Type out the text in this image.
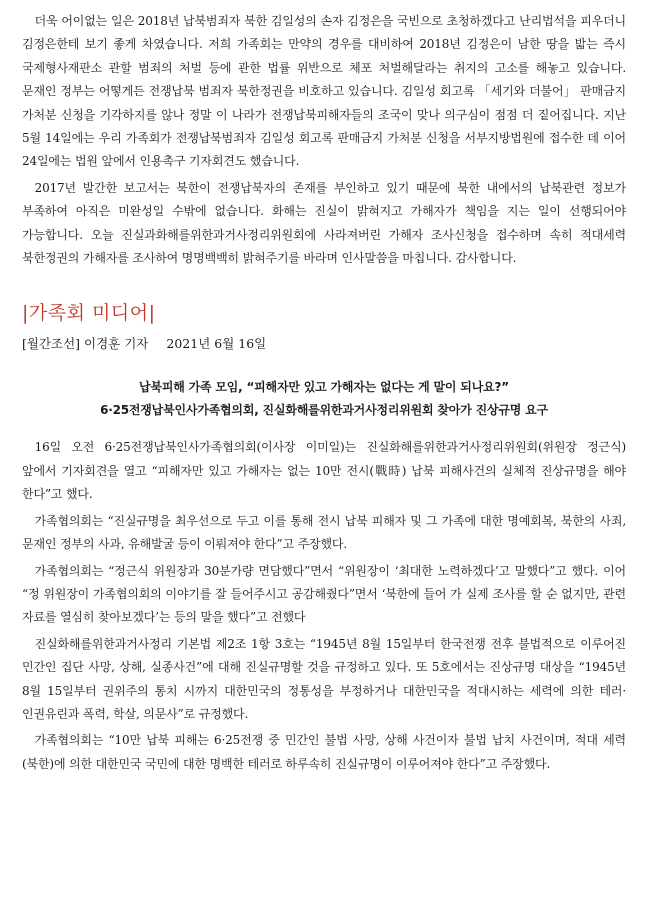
더욱 어이없는 일은 2018년 납북범죄자 북한 김일성의 손자 김정은을 국빈으로 초청하겠다고 난리법석을 피우더니 김정은한테 보기 좋게 차였습니다. 저희 가족회는 만약의 경우를 대비하여 2018년 김정은이 남한 땅을 밟는 즉시 국제형사재판소 관할 범죄의 처벌 등에 관한 법률 위반으로 체포 처벌해달라는 취지의 고소를 해놓고 있습니다. 문재인 정부는 어떻게든 전쟁납북 범죄자 북한정권을 비호하고 있습니다. 김일성 회고록 「세기와 더불어」 판매금지 가처분 신청을 기각하지를 않나 정말 이 나라가 전쟁납북피해자들의 조국이 맞나 의구심이 점점 더 짙어집니다. 지난 5월 14일에는 우리 가족회가 전쟁납북범죄자 김일성 회고록 판매금지 가처분 신청을 서부지방법원에 접수한 데 이어 24일에는 법원 앞에서 인용촉구 기자회견도 했습니다.

2017년 발간한 보고서는 북한이 전쟁납북자의 존재를 부인하고 있기 때문에 북한 내에서의 납북관련 정보가 부족하여 아직은 미완성일 수밖에 없습니다. 화해는 진실이 밝혀지고 가해자가 책임을 지는 일이 선행되어야 가능합니다. 오늘 진실과화해를위한과거사정리위원회에 사라져버린 가해자 조사신청을 접수하며 속히 적대세력 북한정권의 가해자를 조사하여 명명백백히 밝혀주기를 바라며 인사말씀을 마칩니다. 감사합니다.

|가족회 미디어|
[월간조선] 이경훈 기자 2021년 6월 16일
납북피해 가족 모임, “피해자만 있고 가해자는 없다는 게 말이 되나요?”
6·25전쟁납북인사가족협의회, 진실화해를위한과거사정리위원회 찾아가 진상규명 요구

16일 오전 6·25전쟁납북인사가족협의회(이사장 이미일)는 진실화해를위한과거사정리위원회(위원장 정근식) 앞에서 기자회견을 열고 “피해자만 있고 가해자는 없는 10만 전시(戰時) 납북 피해사건의 실체적 진상규명을 해야 한다”고 했다.

가족협의회는 “진실규명을 최우선으로 두고 이를 통해 전시 납북 피해자 및 그 가족에 대한 명예회복, 북한의 사죄, 문재인 정부의 사과, 유해발굴 등이 이뤄져야 한다”고 주장했다.

가족협의회는 “정근식 위원장과 30분가량 면담했다”면서 “위원장이 ‘최대한 노력하겠다’고 말했다”고 했다. 이어 “정 위원장이 가족협의회의 이야기를 잘 들어주시고 공감해줬다”면서 ‘북한에 들어 가 실제 조사를 할 순 없지만, 관련 자료를 열심히 찾아보겠다’는 등의 말을 했다”고 전했다

진실화해를위한과거사정리 기본법 제2조 1항 3호는 “1945년 8월 15일부터 한국전쟁 전후 불법적으로 이루어진 민간인 집단 사망, 상해, 실종사건”에 대해 진실규명할 것을 규정하고 있다. 또 5호에서는 진상규명 대상을 “1945년 8월 15일부터 권위주의 통치 시까지 대한민국의 정통성을 부정하거나 대한민국을 적대시하는 세력에 의한 테러·인권유린과 폭력, 학살, 의문사”로 규정했다.

가족협의회는 “10만 납북 피해는 6·25전쟁 중 민간인 불법 사망, 상해 사건이자 불법 납치 사건이며, 적대 세력(북한)에 의한 대한민국 국민에 대한 명백한 테러로 하루속히 진실규명이 이루어져야 한다”고 주장했다.
